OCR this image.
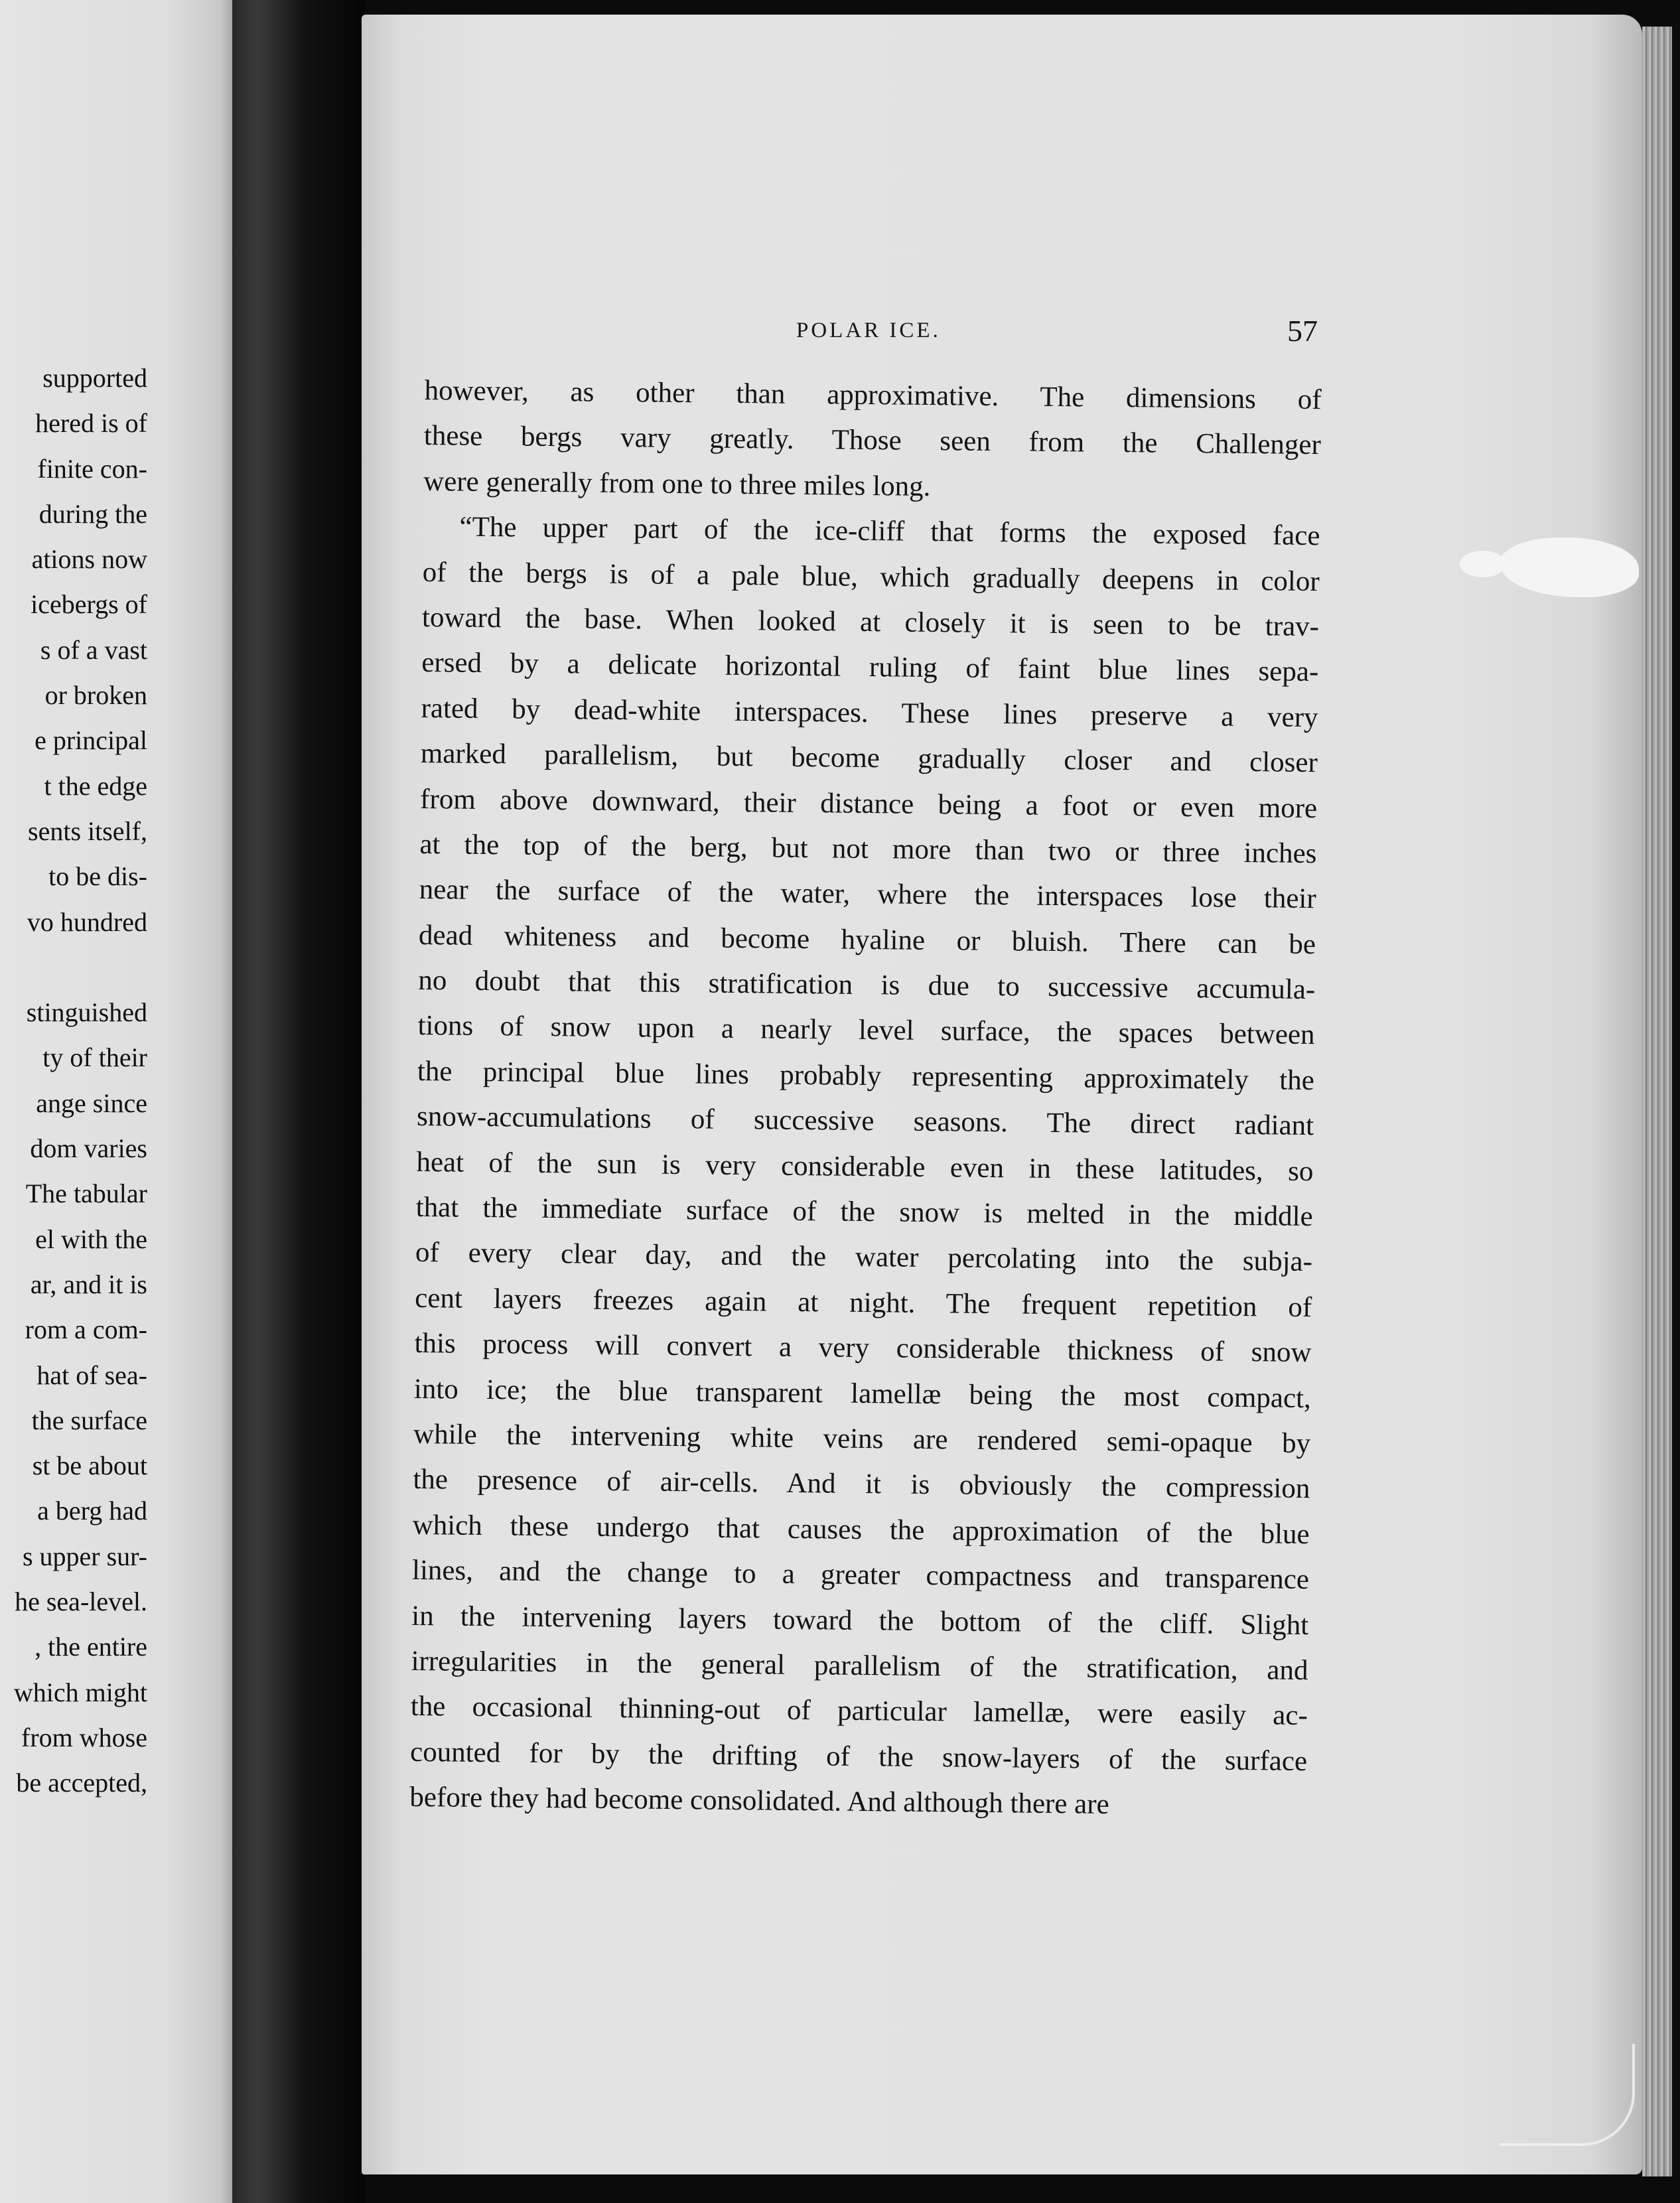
supported
hered is of
finite con-
during the
ations now
icebergs of
s of a vast
or broken
e principal
t the edge
sents itself,
to be dis-
vo hundred
stinguished
ty of their
ange since
dom varies
The tabular
el with the
ar, and it is
rom a com-
hat of sea-
the surface
st be about
a berg had
s upper sur-
he sea-level.
, the entire
which might
from whose
be accepted,
POLAR ICE.	57
however, as other than approximative. The dimensions of
these bergs vary greatly. Those seen from the Challenger
were generally from one to three miles long.
“The upper part of the ice-cliff that forms the exposed face
of the bergs is of a pale blue, which gradually deepens in color
toward the base. When looked at closely it is seen to be trav-
ersed by a delicate horizontal ruling of faint blue lines sepa-
rated by dead-white interspaces. These lines preserve a very
marked parallelism, but become gradually closer and closer
from above downward, their distance being a foot or even more
at the top of the berg, but not more than two or three inches
near the surface of the water, where the interspaces lose their
dead whiteness and become hyaline or bluish. There can be
no doubt that this stratification is due to successive accumula-
tions of snow upon a nearly level surface, the spaces between
the principal blue lines probably representing approximately the
snow-accumulations of successive seasons. The direct radiant
heat of the sun is very considerable even in these latitudes, so
that the immediate surface of the snow is melted in the middle
of every clear day, and the water percolating into the subja-
cent layers freezes again at night. The frequent repetition of
this process will convert a very considerable thickness of snow
into ice; the blue transparent lamellæ being the most compact,
while the intervening white veins are rendered semi-opaque by
the presence of air-cells. And it is obviously the compression
which these undergo that causes the approximation of the blue
lines, and the change to a greater compactness and transparence
in the intervening layers toward the bottom of the cliff. Slight
irregularities in the general parallelism of the stratification, and
the occasional thinning-out of particular lamellæ, were easily ac-
counted for by the drifting of the snow-layers of the surface
before they had become consolidated. And although there are
